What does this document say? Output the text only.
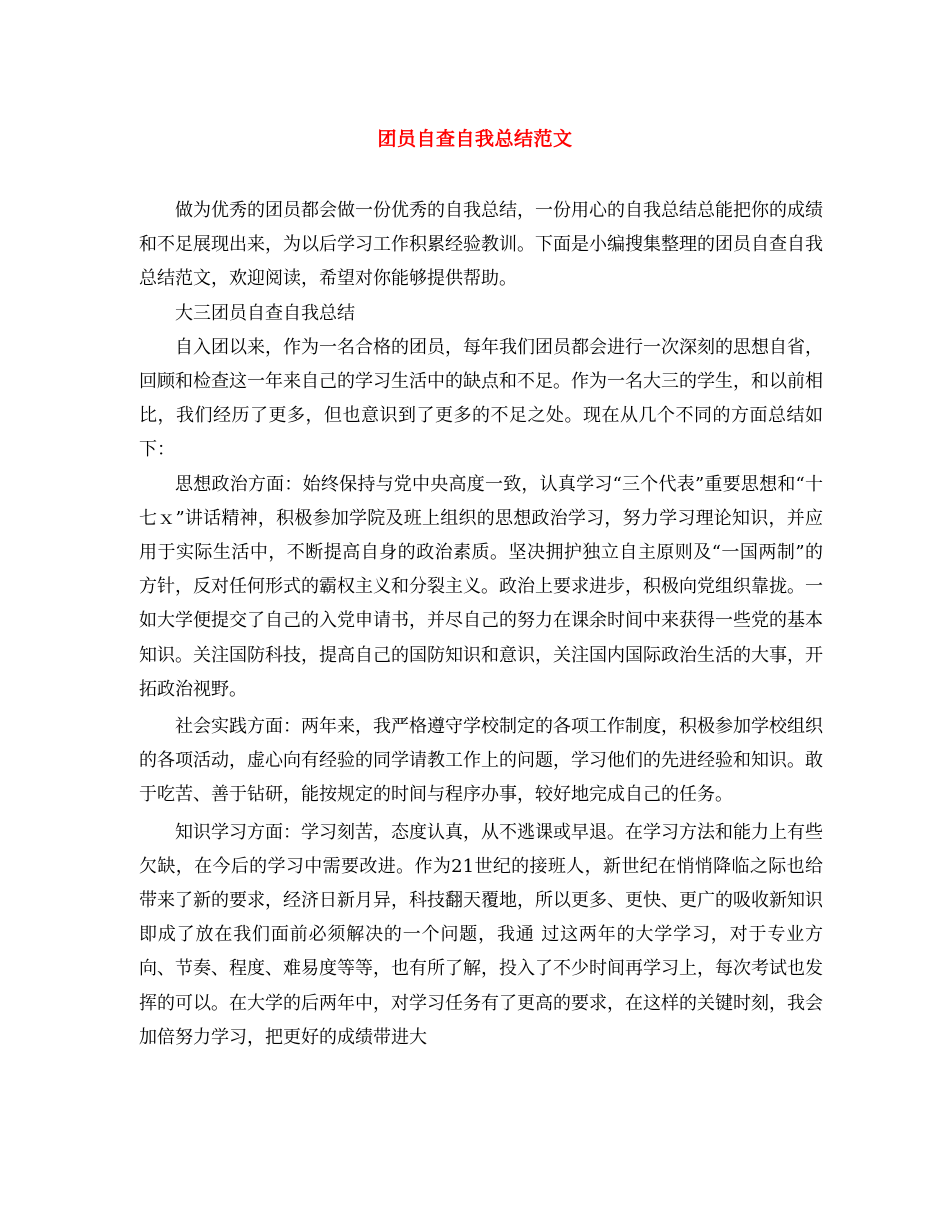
团员自查自我总结范文

做为优秀的团员都会做一份优秀的自我总结，一份用心的自我总结总能把你的成绩和不足展现出来，为以后学习工作积累经验教训。下面是小编搜集整理的团员自查自我总结范文，欢迎阅读，希望对你能够提供帮助。

大三团员自查自我总结

自入团以来，作为一名合格的团员，每年我们团员都会进行一次深刻的思想自省，回顾和检查这一年来自己的学习生活中的缺点和不足。作为一名大三的学生，和以前相比，我们经历了更多，但也意识到了更多的不足之处。现在从几个不同的方面总结如下：

思想政治方面：始终保持与党中央高度一致，认真学习“三个代表”重要思想和“十七ｘ”讲话精神，积极参加学院及班上组织的思想政治学习，努力学习理论知识，并应用于实际生活中，不断提高自身的政治素质。坚决拥护独立自主原则及“一国两制”的方针，反对任何形式的霸权主义和分裂主义。政治上要求进步，积极向党组织靠拢。一如大学便提交了自己的入党申请书，并尽自己的努力在课余时间中来获得一些党的基本知识。关注国防科技，提高自己的国防知识和意识，关注国内国际政治生活的大事，开拓政治视野。

社会实践方面：两年来，我严格遵守学校制定的各项工作制度，积极参加学校组织的各项活动，虚心向有经验的同学请教工作上的问题，学习他们的先进经验和知识。敢于吃苦、善于钻研，能按规定的时间与程序办事，较好地完成自己的任务。

知识学习方面：学习刻苦，态度认真，从不逃课或早退。在学习方法和能力上有些欠缺，在今后的学习中需要改进。作为21世纪的接班人，新世纪在悄悄降临之际也给带来了新的要求，经济日新月异，科技翻天覆地，所以更多、更快、更广的吸收新知识即成了放在我们面前必须解决的一个问题，我通 过这两年的大学学习，对于专业方向、节奏、程度、难易度等等，也有所了解，投入了不少时间再学习上，每次考试也发挥的可以。在大学的后两年中，对学习任务有了更高的要求，在这样的关键时刻，我会加倍努力学习，把更好的成绩带进大
